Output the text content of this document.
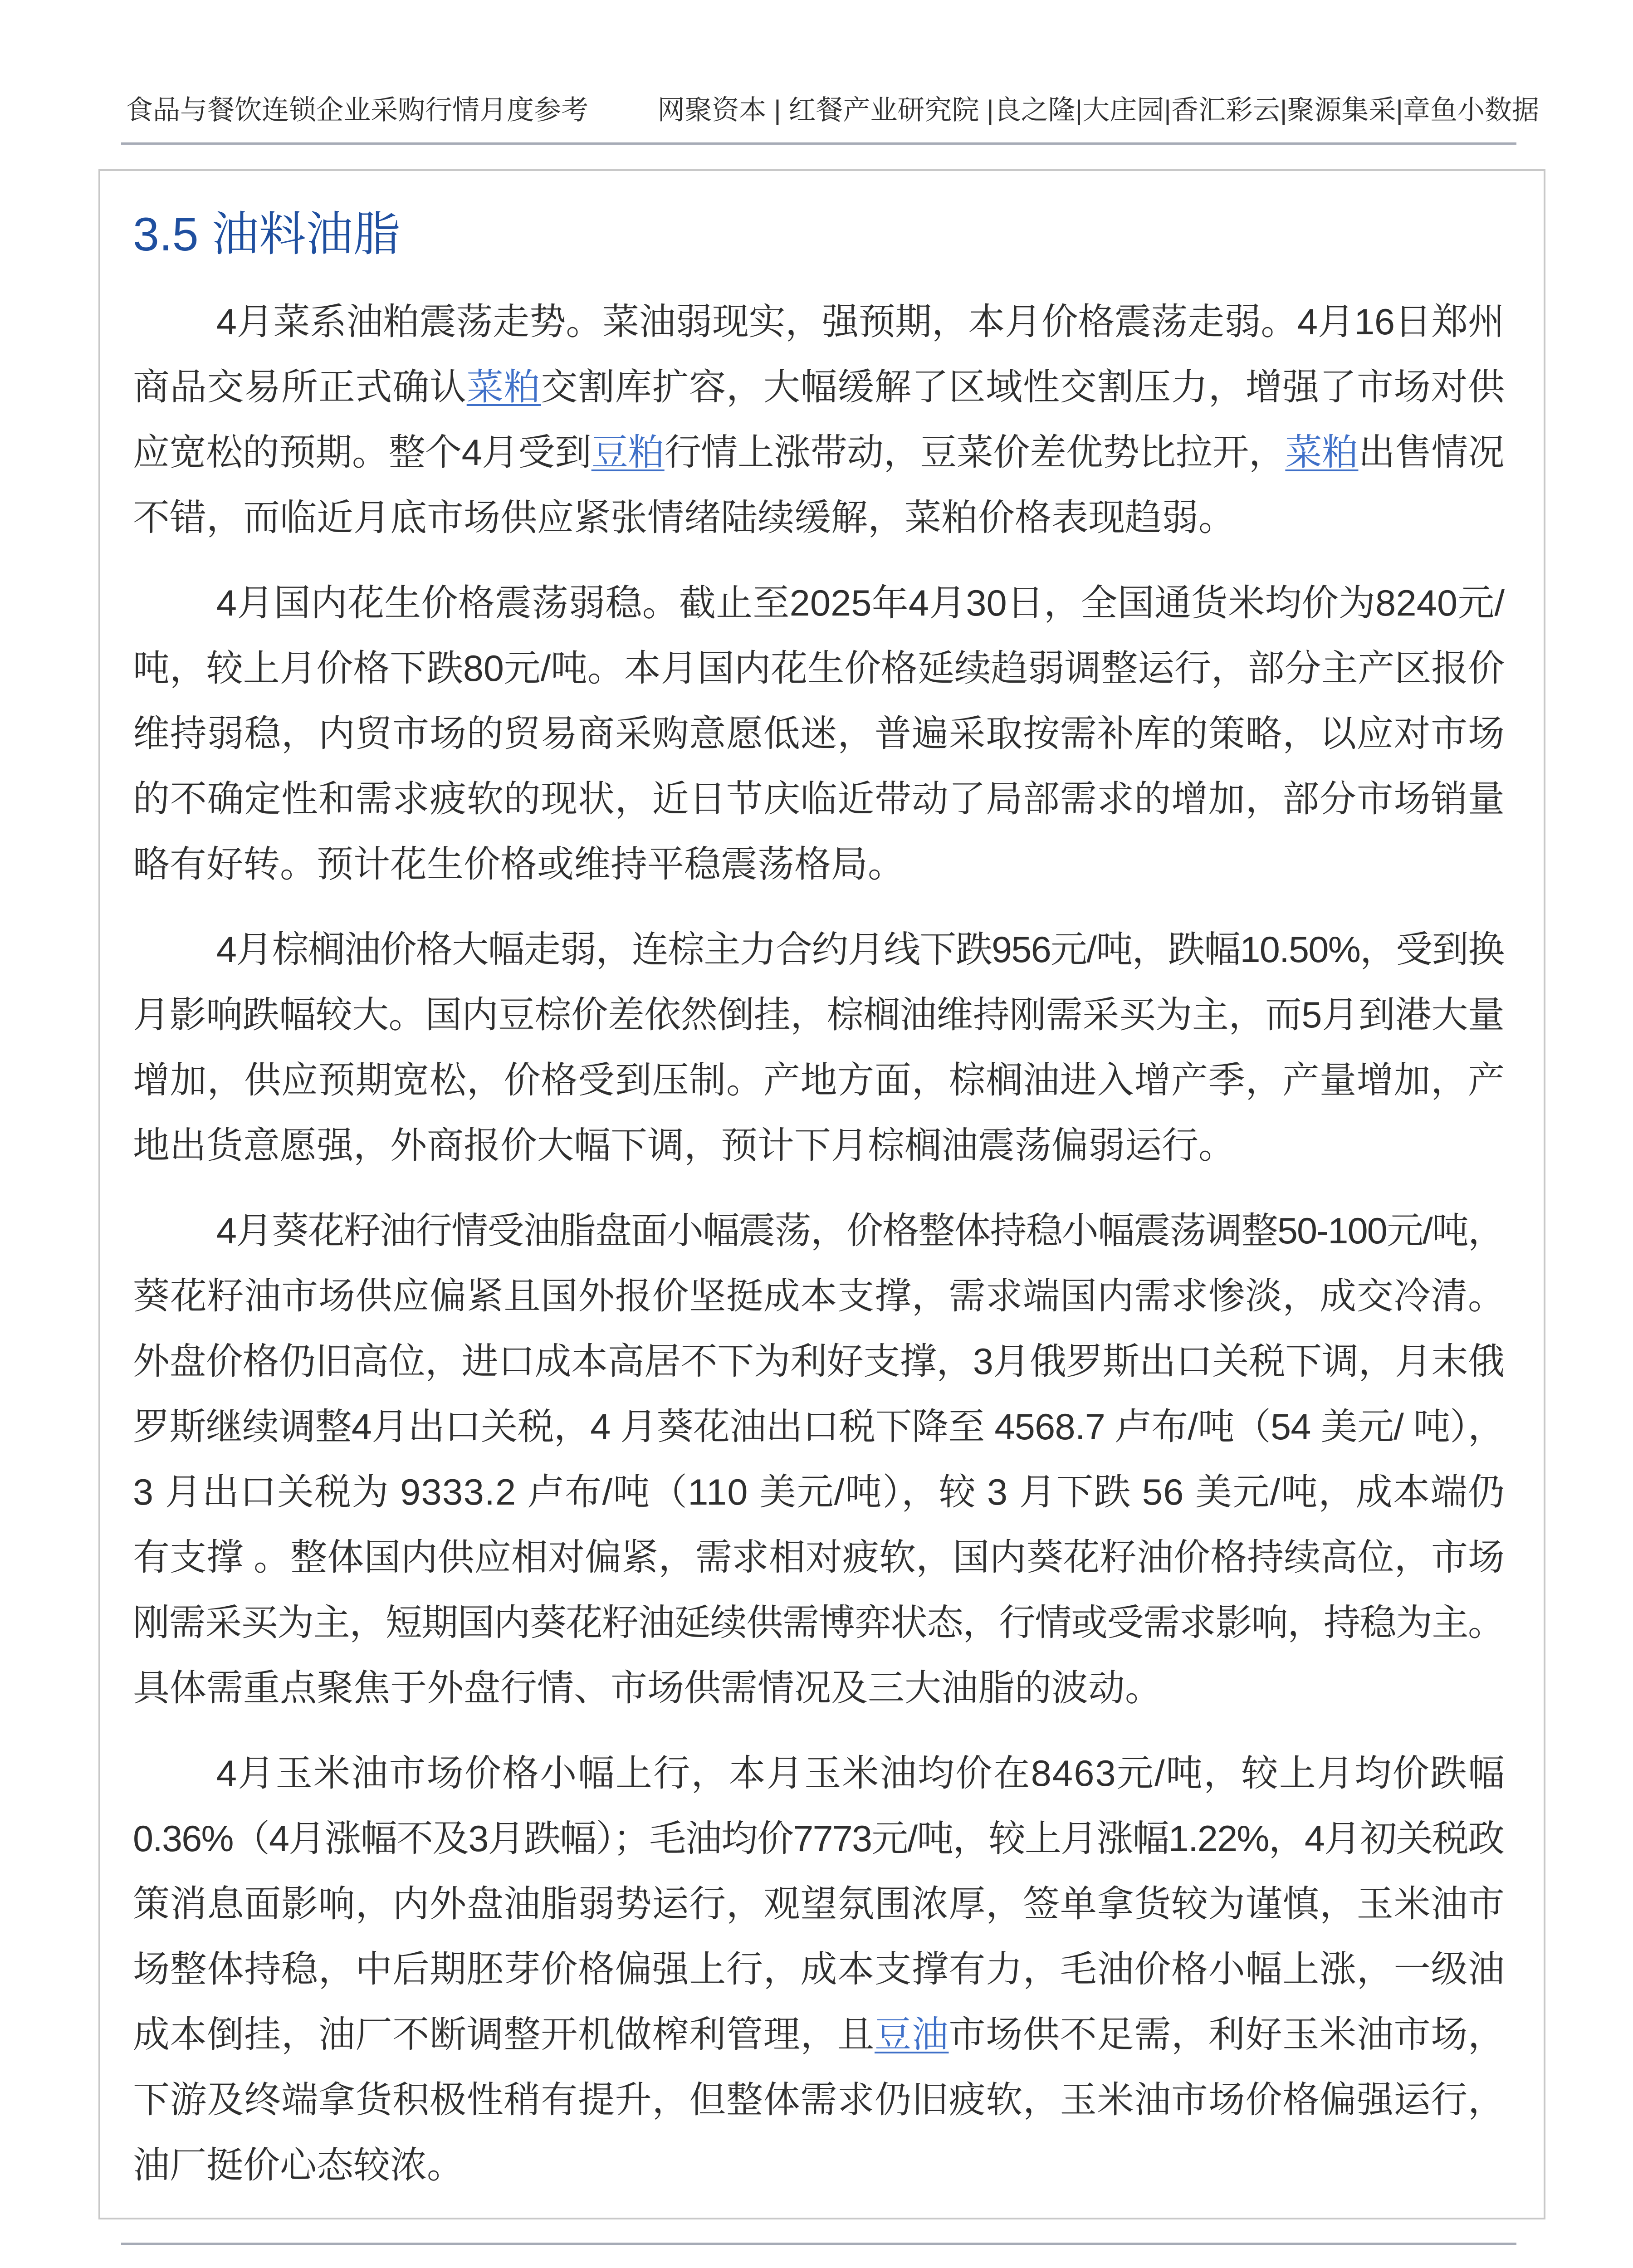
食品与餐饮连锁企业采购行情月度参考	网聚资本 | 红餐产业研究院 |良之隆|大庄园|香汇彩云|聚源集采|章鱼小数据
3.5 油料油脂
4月菜系油粕震荡走势。菜油弱现实，强预期，本月价格震荡走弱。4月16日郑州
商品交易所正式确认菜粕交割库扩容，大幅缓解了区域性交割压力，增强了市场对供
应宽松的预期。整个4月受到豆粕行情上涨带动，豆菜价差优势比拉开，菜粕出售情况
不错，而临近月底市场供应紧张情绪陆续缓解，菜粕价格表现趋弱。
4月国内花生价格震荡弱稳。截止至2025年4月30日，全国通货米均价为8240元/
吨，较上月价格下跌80元/吨。本月国内花生价格延续趋弱调整运行，部分主产区报价
维持弱稳，内贸市场的贸易商采购意愿低迷，普遍采取按需补库的策略，以应对市场
的不确定性和需求疲软的现状，近日节庆临近带动了局部需求的增加，部分市场销量
略有好转。预计花生价格或维持平稳震荡格局。
4月棕榈油价格大幅走弱，连棕主力合约月线下跌956元/吨，跌幅10.50%，受到换
月影响跌幅较大。国内豆棕价差依然倒挂，棕榈油维持刚需采买为主，而5月到港大量
增加，供应预期宽松，价格受到压制。产地方面，棕榈油进入增产季，产量增加，产
地出货意愿强，外商报价大幅下调，预计下月棕榈油震荡偏弱运行。
4月葵花籽油行情受油脂盘面小幅震荡，价格整体持稳小幅震荡调整50-100元/吨，
葵花籽油市场供应偏紧且国外报价坚挺成本支撑，需求端国内需求惨淡，成交冷清。
外盘价格仍旧高位，进口成本高居不下为利好支撑，3月俄罗斯出口关税下调，月末俄
罗斯继续调整4月出口关税，4 月葵花油出口税下降至 4568.7 卢布/吨（54 美元/ 吨），
3 月出口关税为 9333.2 卢布/吨（110 美元/吨），较 3 月下跌 56 美元/吨，成本端仍
有支撑 。整体国内供应相对偏紧，需求相对疲软，国内葵花籽油价格持续高位，市场
刚需采买为主，短期国内葵花籽油延续供需博弈状态，行情或受需求影响，持稳为主。
具体需重点聚焦于外盘行情、市场供需情况及三大油脂的波动。
4月玉米油市场价格小幅上行，本月玉米油均价在8463元/吨，较上月均价跌幅
0.36%（4月涨幅不及3月跌幅）；毛油均价7773元/吨，较上月涨幅1.22%，4月初关税政
策消息面影响，内外盘油脂弱势运行，观望氛围浓厚，签单拿货较为谨慎，玉米油市
场整体持稳，中后期胚芽价格偏强上行，成本支撑有力，毛油价格小幅上涨，一级油
成本倒挂，油厂不断调整开机做榨利管理，且豆油市场供不足需，利好玉米油市场，
下游及终端拿货积极性稍有提升，但整体需求仍旧疲软，玉米油市场价格偏强运行，
油厂挺价心态较浓。
